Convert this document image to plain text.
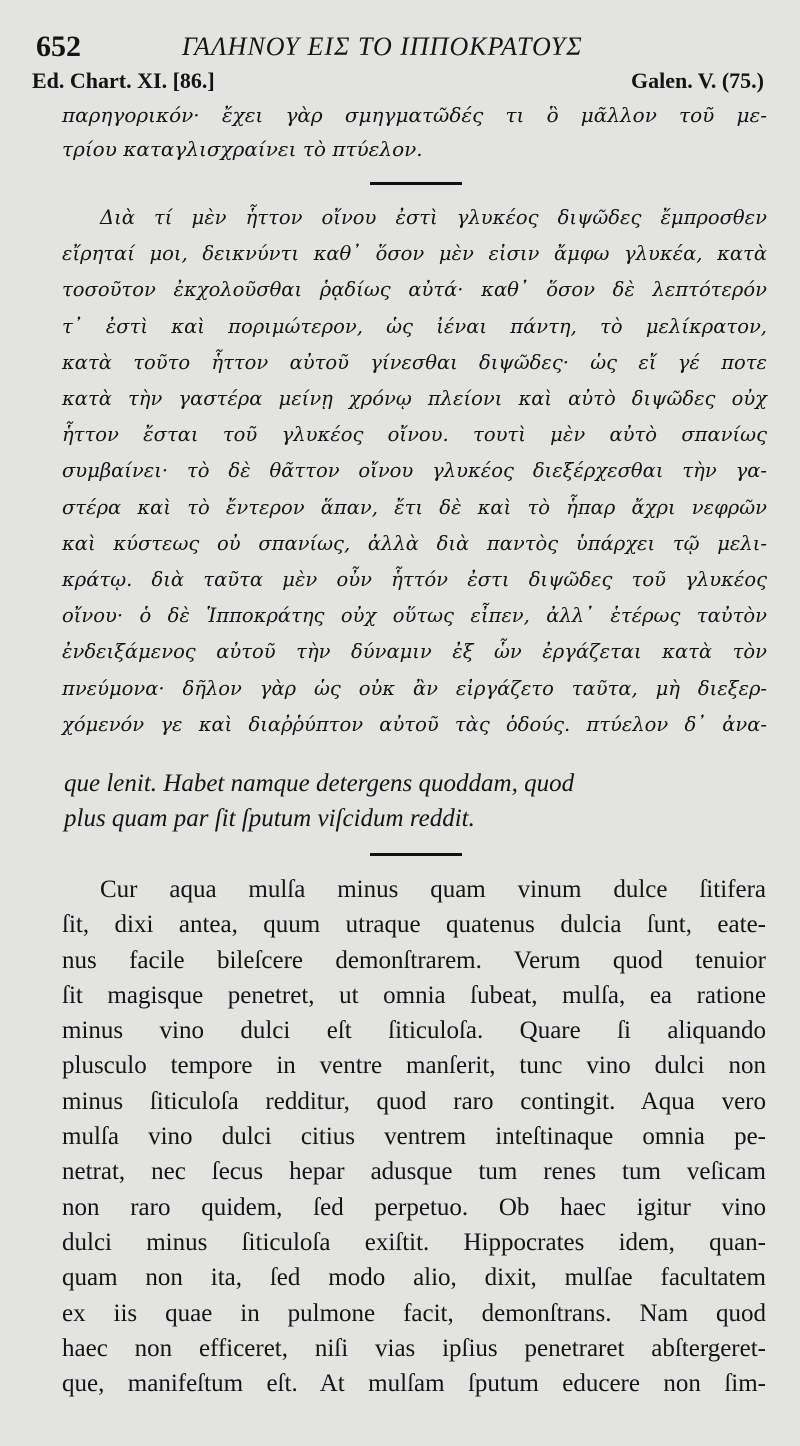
652	ΓΑΛΗΝΟΥ ΕΙΣ ΤΟ ΙΠΠΟΚΡΑΤΟΥΣ
Ed. Chart. XI. [86.]	Galen. V. (75.)
παρηγορικόν· ἔχει γὰρ σμηγματῶδές τι ὃ μᾶλλον τοῦ με-
τρίου καταγλισχραίνει τὸ πτύελον.
Διὰ τί μὲν ἧττον οἴνου ἐστὶ γλυκέος διψῶδες ἔμπροσθεν
εἴρηταί μοι, δεικνύντι καθ᾿ ὅσον μὲν εἰσιν ἄμφω γλυκέα, κατὰ
τοσοῦτον ἐκχολοῦσθαι ῥᾳδίως αὐτά· καθ᾿ ὅσον δὲ λεπτότερόν
τ᾿ ἐστὶ καὶ ποριμώτερον, ὡς ἰέναι πάντη, τὸ μελίκρατον,
κατὰ τοῦτο ἧττον αὐτοῦ γίνεσθαι διψῶδες· ὡς εἴ γέ ποτε
κατὰ τὴν γαστέρα μείνῃ χρόνῳ πλείονι καὶ αὐτὸ διψῶδες οὐχ
ἧττον ἔσται τοῦ γλυκέος οἴνου. τουτὶ μὲν αὐτὸ σπανίως
συμβαίνει· τὸ δὲ θᾶττον οἴνου γλυκέος διεξέρχεσθαι τὴν γα-
στέρα καὶ τὸ ἔντερον ἅπαν, ἔτι δὲ καὶ τὸ ἧπαρ ἄχρι νεφρῶν
καὶ κύστεως οὐ σπανίως, ἀλλὰ διὰ παντὸς ὑπάρχει τῷ μελι-
κράτῳ. διὰ ταῦτα μὲν οὖν ἧττόν ἐστι διψῶδες τοῦ γλυκέος
οἴνου· ὁ δὲ Ἱπποκράτης οὐχ οὕτως εἶπεν, ἀλλ᾿ ἑτέρως ταὐτὸν
ἐνδειξάμενος αὐτοῦ τὴν δύναμιν ἐξ ὧν ἐργάζεται κατὰ τὸν
πνεύμονα· δῆλον γὰρ ὡς οὐκ ἂν εἰργάζετο ταῦτα, μὴ διεξερ-
χόμενόν γε καὶ διαῤῥύπτον αὐτοῦ τὰς ὁδούς. πτύελον δ᾿ ἀνα-
que lenit. Habet namque detergens quoddam, quod
plus quam par ſit ſputum viſcidum reddit.
Cur aqua mulſa minus quam vinum dulce ſitifera
ſit, dixi antea, quum utraque quatenus dulcia ſunt, eate-
nus facile bileſcere demonſtrarem. Verum quod tenuior
ſit magisque penetret, ut omnia ſubeat, mulſa, ea ratione
minus vino dulci eſt ſiticuloſa. Quare ſi aliquando
plusculo tempore in ventre manſerit, tunc vino dulci non
minus ſiticuloſa redditur, quod raro contingit. Aqua vero
mulſa vino dulci citius ventrem inteſtinaque omnia pe-
netrat, nec ſecus hepar adusque tum renes tum veſicam
non raro quidem, ſed perpetuo. Ob haec igitur vino
dulci minus ſiticuloſa exiſtit. Hippocrates idem, quan-
quam non ita, ſed modo alio, dixit, mulſae facultatem
ex iis quae in pulmone facit, demonſtrans. Nam quod
haec non efficeret, niſi vias ipſius penetraret abſtergeret-
que, manifeſtum eſt. At mulſam ſputum educere non ſim-
